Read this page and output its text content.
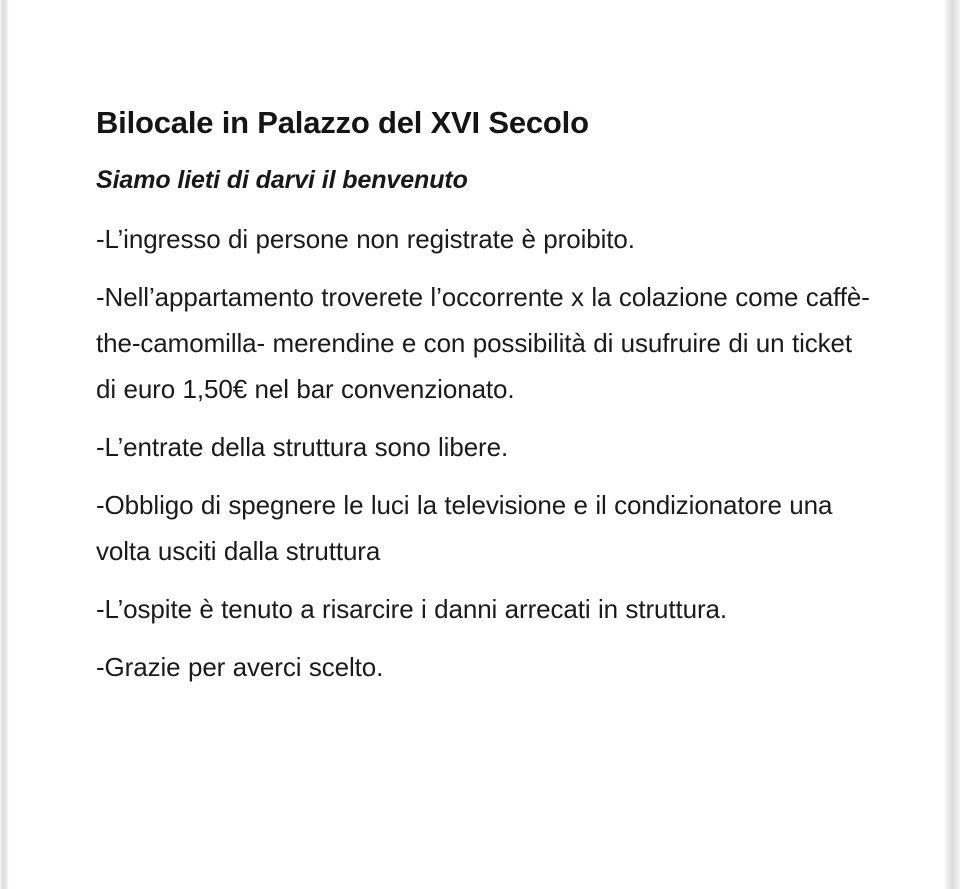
Bilocale in Palazzo del XVI Secolo
Siamo lieti di darvi il benvenuto

-L’ingresso di persone non registrate è proibito.

-Nell’appartamento troverete l’occorrente x la colazione come caffè- the-camomilla- merendine e con possibilità di usufruire di un ticket di euro 1,50€ nel bar convenzionato.

-L’entrate della struttura sono libere.

-Obbligo di spegnere le luci la televisione e il condizionatore una volta usciti dalla struttura

-L’ospite è tenuto a risarcire i danni arrecati in struttura.

-Grazie per averci scelto.
